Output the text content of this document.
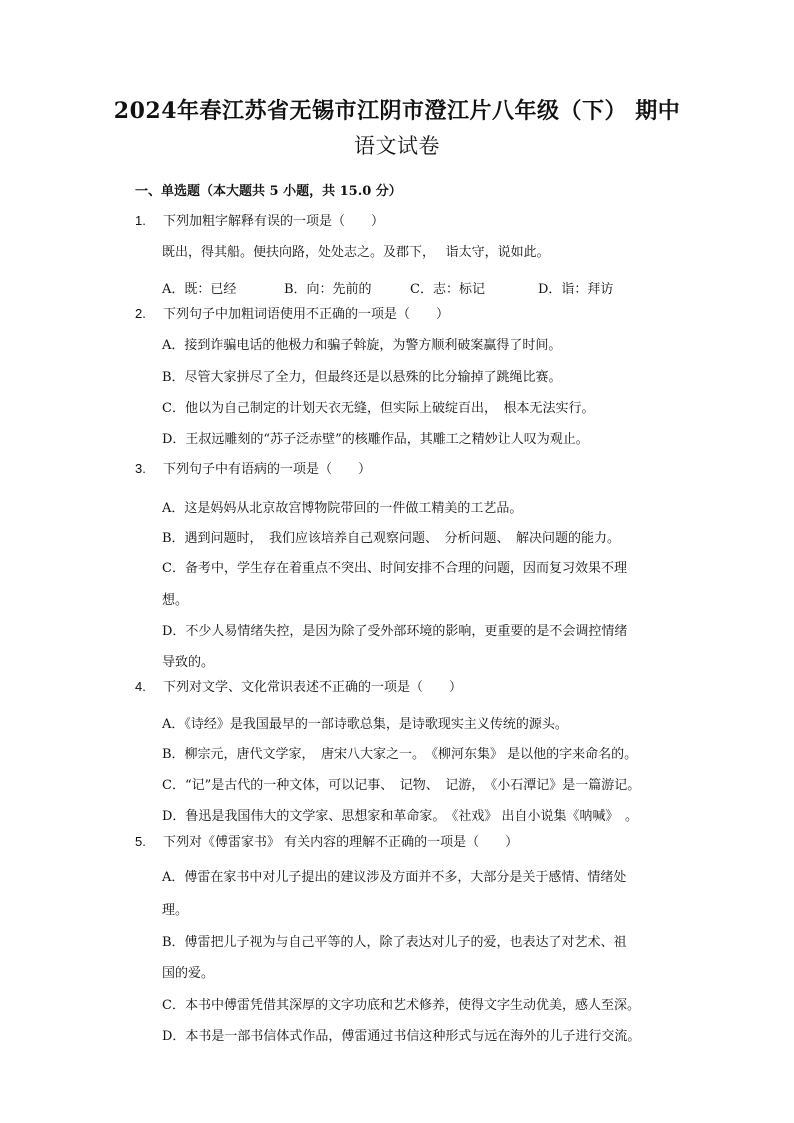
2024年春江苏省无锡市江阴市澄江片八年级（下） 期中
语文试卷
一、单选题（本大题共 5 小题，共 15.0 分）
1. 下列加粗字解释有误的一项是（　　）
既出，得其船。便扶向路，处处志之。及郡下，　 诣太守，说如此。
A．既：已经	B．向：先前的	C．志：标记	D．诣：拜访
2. 下列句子中加粗词语使用不正确的一项是（　　）
A．接到诈骗电话的他极力和骗子斡旋，为警方顺利破案赢得了时间。
B．尽管大家拼尽了全力，但最终还是以悬殊的比分输掉了跳绳比赛。
C．他以为自己制定的计划天衣无缝，但实际上破绽百出，　根本无法实行。
D．王叔远雕刻的“苏子泛赤壁”的核雕作品，其雕工之精妙让人叹为观止。
3. 下列句子中有语病的一项是（　　）
A．这是妈妈从北京故宫博物院带回的一件做工精美的工艺品。
B．遇到问题时，　我们应该培养自己观察问题、　分析问题、　解决问题的能力。
C．备考中，学生存在着重点不突出、时间安排不合理的问题，因而复习效果不理
想。
D．不少人易情绪失控，是因为除了受外部环境的影响，更重要的是不会调控情绪
导致的。
4. 下列对文学、文化常识表述不正确的一项是（　　）
A．《诗经》是我国最早的一部诗歌总集，是诗歌现实主义传统的源头。
B．柳宗元，唐代文学家，　唐宋八大家之一。　《柳河东集》 是以他的字来命名的。
C．“记”是古代的一种文体，可以记事、　记物、　记游，　《小石潭记》是一篇游记。
D．鲁迅是我国伟大的文学家、思想家和革命家。　《社戏》 出自小说集《呐喊》　。
5. 下列对《傅雷家书》 有关内容的理解不正确的一项是（　　）
A．傅雷在家书中对儿子提出的建议涉及方面并不多，大部分是关于感情、情绪处
理。
B．傅雷把儿子视为与自己平等的人，除了表达对儿子的爱，也表达了对艺术、祖
国的爱。
C．本书中傅雷凭借其深厚的文字功底和艺术修养，使得文字生动优美，感人至深。
D．本书是一部书信体式作品，傅雷通过书信这种形式与远在海外的儿子进行交流。
